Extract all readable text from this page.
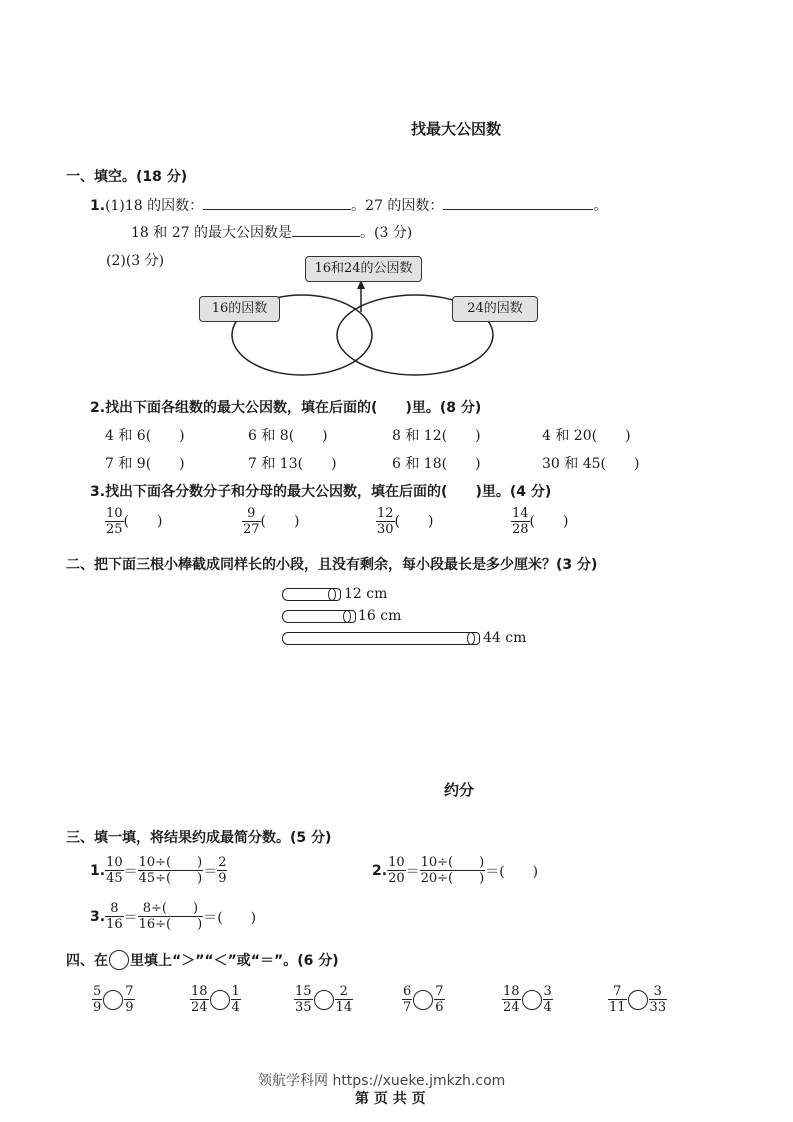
找最大公因数
一、填空。(18 分)
1.(1)18 的因数：	。27 的因数：	。
18 和 27 的最大公因数是	。(3 分)
(2)(3 分)	16和24的公因数
16的因数	24的因数
2.找出下面各组数的最大公因数，填在后面的(　　)里。(8 分)
4 和 6(　　)	6 和 8(　　)	8 和 12(　　)	4 和 20(　　)
7 和 9(　　)	7 和 13(　　)	6 和 18(　　)	30 和 45(　　)
3.找出下面各分数分子和分母的最大公因数，填在后面的(　　)里。(4 分)
$\frac{10}{25}$ (　　)	$\frac{9}{27}$ (　　)	$\frac{12}{30}$ (　　)	$\frac{14}{28}$ (　　)
二、把下面三根小棒截成同样长的小段，且没有剩余，每小段最长是多少厘米？(3 分)
12 cm
16 cm
44 cm
约分
三、填一填，将结果约成最简分数。(5 分)
1. $\frac{10}{45} = \frac{10\div( )}{45\div( )} = \frac{2}{9}$	2. $\frac{10}{20} = \frac{10\div( )}{20\div( )}$ ＝ (　　)
3. $\frac{8}{16} = \frac{8\div( )}{16\div( )}$ ＝ (　　)
四、在 里填上“＞”“＜”或“＝”。(6 分)
$\frac{5}{9} \frac{7}{9}$	$\frac{18}{24} \frac{1}{4}$	$\frac{15}{35} \frac{2}{14}$	$\frac{6}{7} \frac{7}{6}$	$\frac{18}{24} \frac{3}{4}$	$\frac{7}{11} \frac{3}{33}$
领航学科网 https://xueke.jmkzh.com
第 页 共 页
